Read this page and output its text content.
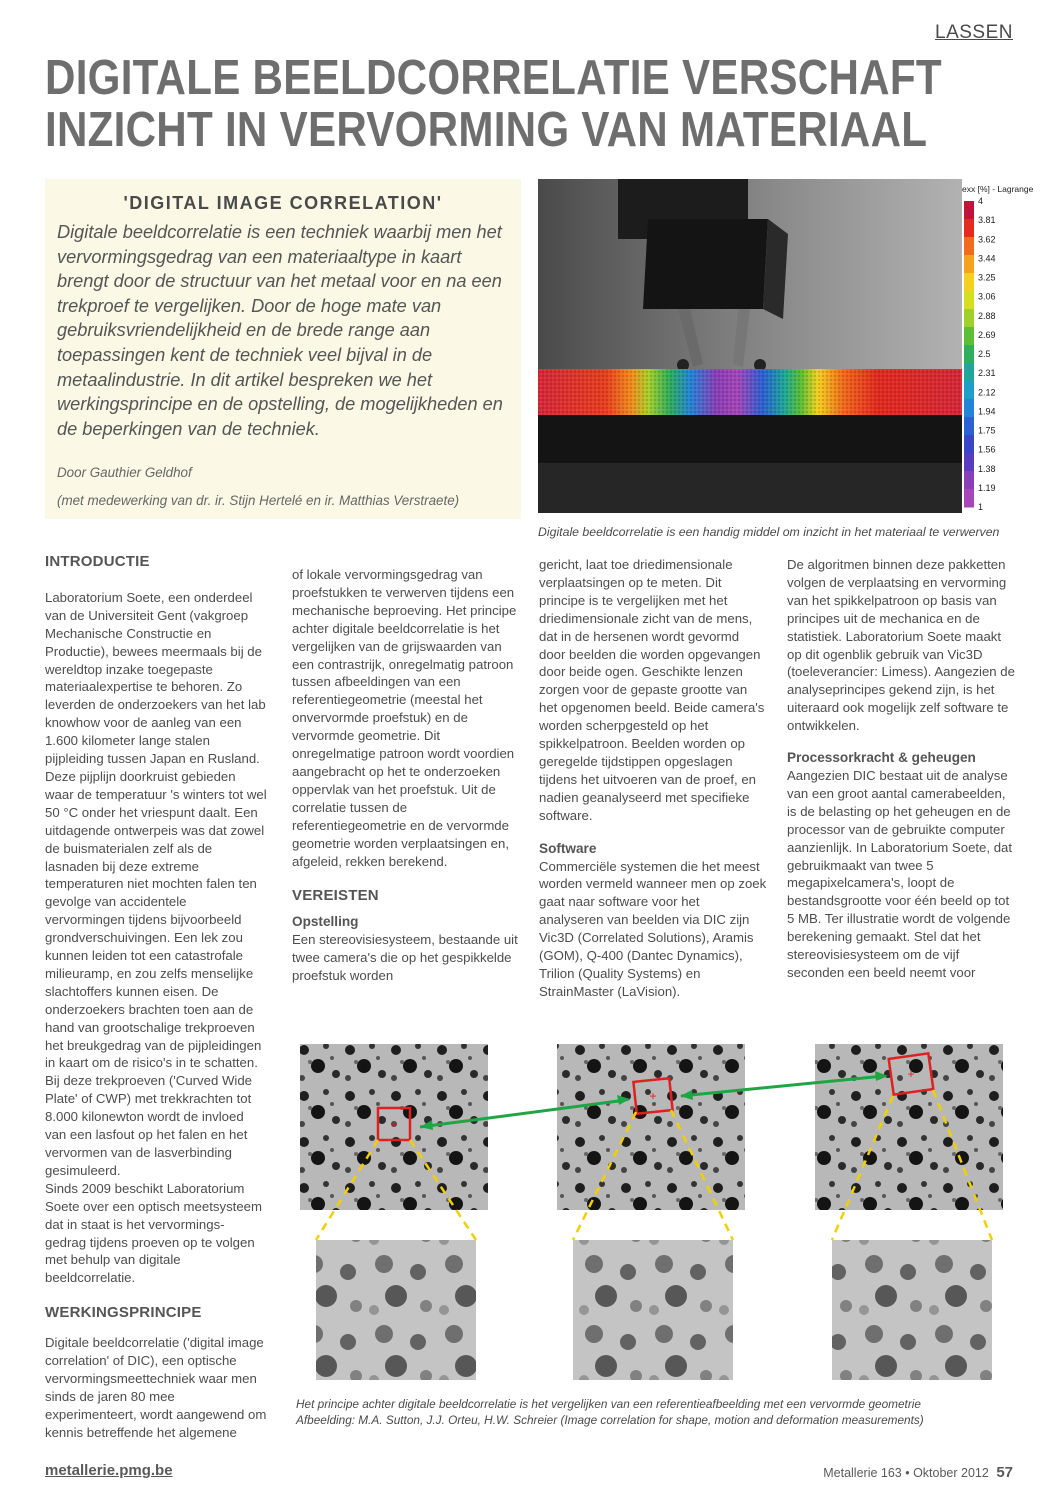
LASSEN
DIGITALE BEELDCORRELATIE VERSCHAFT
INZICHT IN VERVORMING VAN MATERIAAL
'DIGITAL IMAGE CORRELATION'

Digitale beeldcorrelatie is een techniek waarbij men het vervormingsgedrag van een materiaaltype in kaart brengt door de structuur van het metaal voor en na een trekproef te vergelijken. Door de hoge mate van gebruiksvriendelijkheid en de brede range aan toepassingen kent de techniek veel bijval in de metaalindustrie. In dit artikel bespreken we het werkingsprincipe en de opstelling, de mogelijkheden en de beperkingen van de techniek.

Door Gauthier Geldhof
(met medewerking van dr. ir. Stijn Hertelé en ir. Matthias Verstraete)

exx [%] - Lagrange
4
3.81
3.62
3.44
3.25
3.06
2.88
2.69
2.5
2.31
2.12
1.94
1.75
1.56
1.38
1.19
1
Digitale beeldcorrelatie is een handig middel om inzicht in het materiaal te verwerven
INTRODUCTIE

Laboratorium Soete, een onderdeel van de Universiteit Gent (vakgroep Mechanische Constructie en Productie), bewees meermaals bij de wereldtop inzake toegepaste materiaalexpertise te behoren. Zo leverden de onderzoekers van het lab knowhow voor de aanleg van een 1.600 kilometer lange stalen pijpleiding tussen Japan en Rusland. Deze pijplijn doorkruist gebieden waar de temperatuur 's winters tot wel 50 °C onder het vriespunt daalt. Een uitdagende ontwerpeis was dat zowel de buismaterialen zelf als de lasnaden bij deze extreme temperaturen niet mochten falen ten gevolge van accidentele vervormingen tijdens bijvoorbeeld grondverschuivingen. Een lek zou kunnen leiden tot een catastrofale milieuramp, en zou zelfs menselijke slachtoffers kunnen eisen. De onderzoekers brachten toen aan de hand van grootschalige trekproeven het breukgedrag van de pijpleidingen in kaart om de risico's in te schatten. Bij deze trekproeven ('Curved Wide Plate' of CWP) met trekkrachten tot 8.000 kilonewton wordt de invloed van een lasfout op het falen en het vervormen van de lasverbinding gesimuleerd.

Sinds 2009 beschikt Laboratorium Soete over een optisch meetsysteem dat in staat is het vervormings- gedrag tijdens proeven op te volgen met behulp van digitale beeldcorrelatie.

WERKINGSPRINCIPE

Digitale beeldcorrelatie ('digital image correlation' of DIC), een optische vervormingsmeettechniek waar men sinds de jaren 80 mee experimenteert, wordt aangewend om kennis betreffende het algemene

of lokale vervormingsgedrag van proefstukken te verwerven tijdens een mechanische beproeving. Het principe achter digitale beeldcorrelatie is het vergelijken van de grijswaarden van een contrastrijk, onregelmatig patroon tussen afbeeldingen van een referentiegeometrie (meestal het onvervormde proefstuk) en de vervormde geometrie. Dit onregelmatige patroon wordt voordien aangebracht op het te onderzoeken oppervlak van het proefstuk. Uit de correlatie tussen de referentiegeometrie en de vervormde geometrie worden verplaatsingen en, afgeleid, rekken berekend.

VEREISTEN
Opstelling

Een stereovisiesysteem, bestaande uit twee camera's die op het gespikkelde proefstuk worden

gericht, laat toe driedimensionale verplaatsingen op te meten. Dit principe is te vergelijken met het driedimensionale zicht van de mens, dat in de hersenen wordt gevormd door beelden die worden opgevangen door beide ogen. Geschikte lenzen zorgen voor de gepaste grootte van het opgenomen beeld. Beide camera's worden scherpgesteld op het spikkelpatroon. Beelden worden op geregelde tijdstippen opgeslagen tijdens het uitvoeren van de proef, en nadien geanalyseerd met specifieke software.

Software

Commerciële systemen die het meest worden vermeld wanneer men op zoek gaat naar software voor het analyseren van beelden via DIC zijn Vic3D (Correlated Solutions), Aramis (GOM), Q-400 (Dantec Dynamics), Trilion (Quality Systems) en StrainMaster (LaVision).

De algoritmen binnen deze pakketten volgen de verplaatsing en vervorming van het spikkelpatroon op basis van principes uit de mechanica en de statistiek. Laboratorium Soete maakt op dit ogenblik gebruik van Vic3D (toeleverancier: Limess). Aangezien de analyseprincipes gekend zijn, is het uiteraard ook mogelijk zelf software te ontwikkelen.

Processorkracht & geheugen

Aangezien DIC bestaat uit de analyse van een groot aantal camerabeelden, is de belasting op het geheugen en de processor van de gebruikte computer aanzienlijk. In Laboratorium Soete, dat gebruikmaakt van twee 5 megapixelcamera's, loopt de bestandsgrootte voor één beeld op tot 5 MB. Ter illustratie wordt de volgende berekening gemaakt. Stel dat het stereovisiesysteem om de vijf seconden een beeld neemt voor

+
+
+
Het principe achter digitale beeldcorrelatie is het vergelijken van een referentieafbeelding met een vervormde geometrie
Afbeelding: M.A. Sutton, J.J. Orteu, H.W. Schreier (Image correlation for shape, motion and deformation measurements)
metallerie.pmg.be	Metallerie 163 • Oktober 2012 57
